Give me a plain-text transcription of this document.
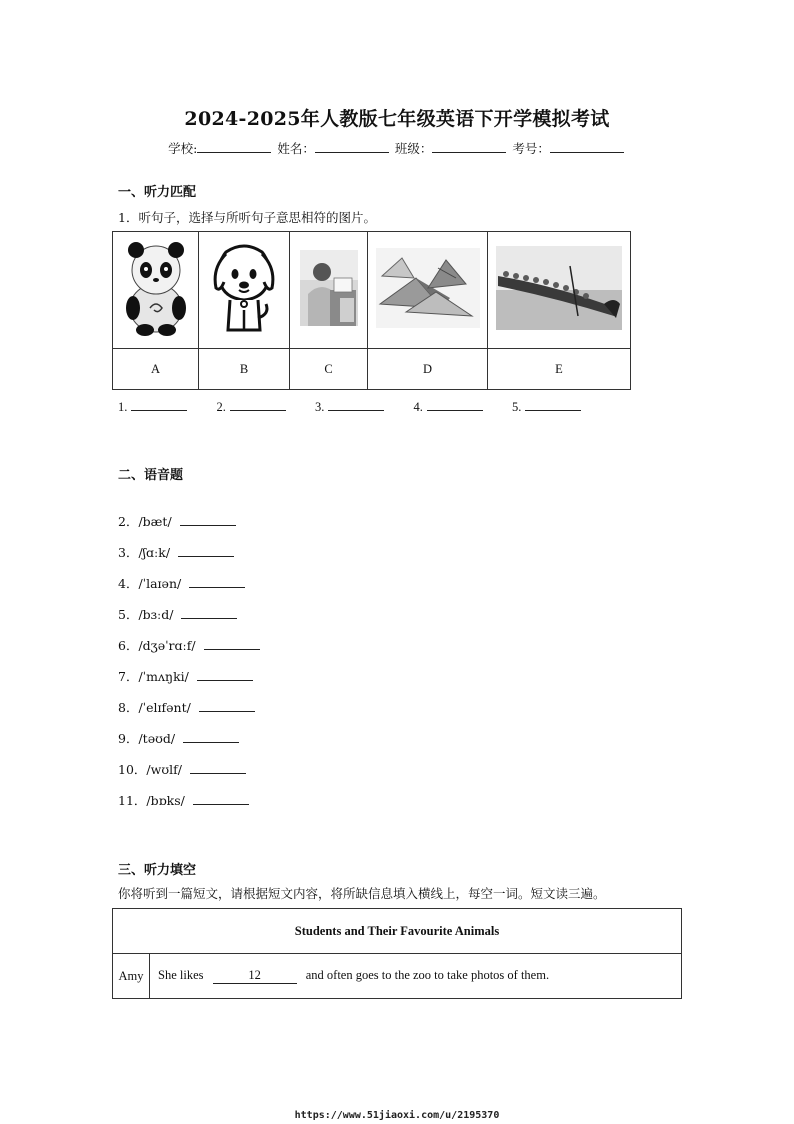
2024-2025年人教版七年级英语下开学模拟考试
学校:	姓名：	班级：	考号：
一、听力匹配
1．听句子，选择与所听句子意思相符的图片。

A	B	C	D	E
1.	2.	3.	4.	5.
二、语音题
2．/bæt/
3．/ʃɑːk/
4．/ˈlaɪən/
5．/bɜːd/
6．/dʒəˈrɑːf/
7．/ˈmʌŋki/
8．/ˈelɪfənt/
9．/təʊd/
10．/wʊlf/
11．/bɒks/
三、听力填空
你将听到一篇短文，请根据短文内容，将所缺信息填入横线上，每空一词。短文读三遍。
Students and Their Favourite Animals
Amy	She likes	12	and often goes to the zoo to take photos of them.
https://www.51jiaoxi.com/u/2195370
